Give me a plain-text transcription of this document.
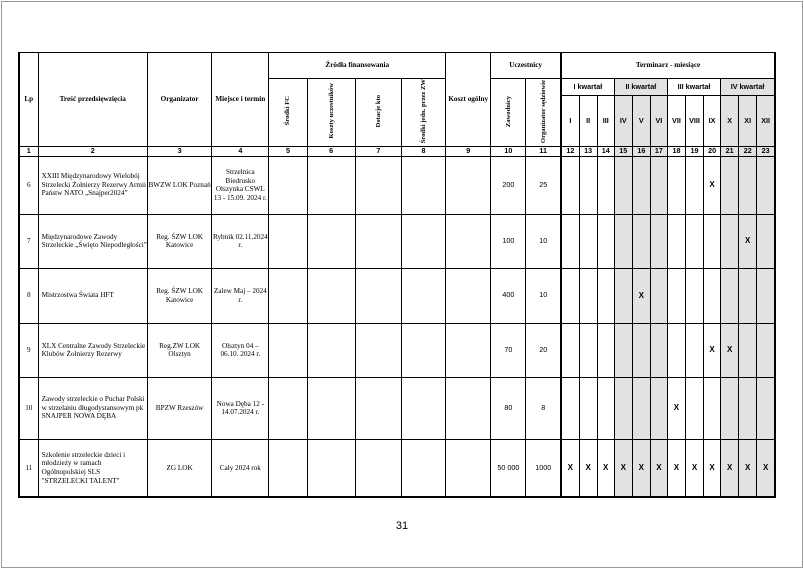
Lp	Treść przedsięwzięcia	Organizator	Miejsce i termin	Źródła finansowania				Koszt ogólny	Uczestnicy		Terminarz - miesiące											
				Środki FC	Koszty uczestników	Dotacje kto	Środki jedn. przez ZW		Zawodnicy	Organizator sędziowie	I kwartał			II kwartał			III kwartał			IV kwartał		
											I	II	III	IV	V	VI	VII	VIII	IX	X	XI	XII
1	2	3	4	5	6	7	8	9	10	11	12	13	14	15	16	17	18	19	20	21	22	23
6	XXIII Międzynarodowy Wielobój Strzelecki Żołnierzy Rezerwy Armii Państw NATO „Snajper2024”	BWZW LOK Poznań	Strzelnica Biedrusko Olszynka CSWL 13 - 15.09. 2024 r.						200	25									X			
7	Międzynarodowe Zawody Strzeleckie „Święto Niepodległości”	Reg. ŚZW LOK Katowice	Rybnik 02.11.2024 r.						100	10											X	
8	Mistrzostwa Świata HFT	Reg. ŚZW LOK Katowice	Zalew Maj – 2024 r.						400	10					X							
9	XLX Centralne Zawody Strzeleckie Klubów Żołnierzy Rezerwy	Reg.ZW LOK Olsztyn	Olsztyn 04 – 06.10. 2024 r.						70	20									X	X		
10	Zawody strzeleckie o Puchar Polski w strzelaniu długodystansowym pk SNAJPER NOWA DĘBA	BPZW Rzeszów	Nowa Dęba 12 - 14.07.2024 r.						80	8							X					
11	Szkolenie strzeleckie dzieci i młodzieży w ramach Ogólnopolskiej SLS "STRZELECKI TALENT"	ZG LOK	Cały 2024 rok						50 000	1000	X	X	X	X	X	X	X	X	X	X	X	X
31
